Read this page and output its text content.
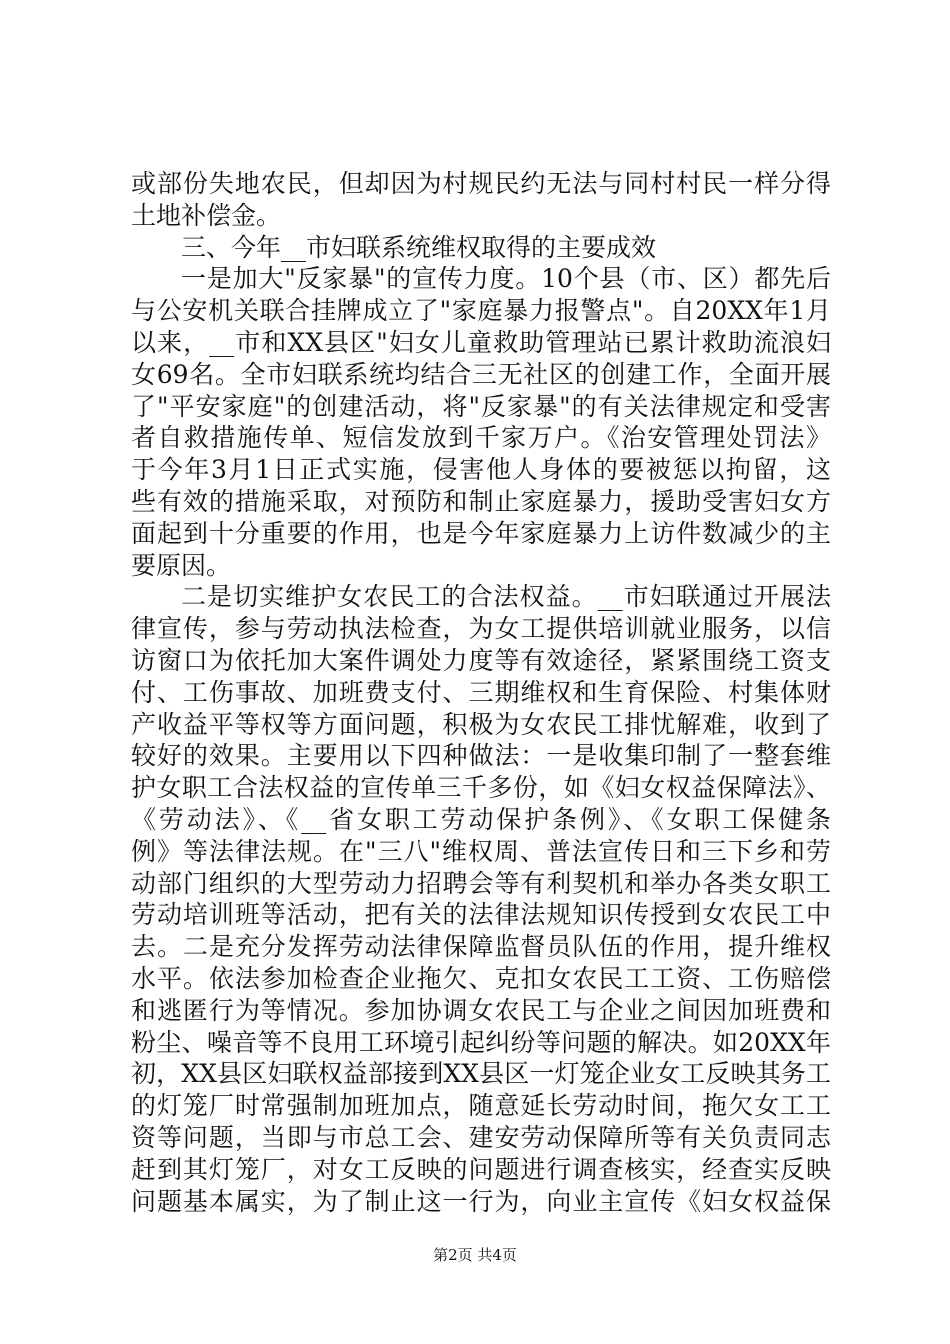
或部份失地农民，但却因为村规民约无法与同村村民一样分得
土地补偿金。
三、今年__市妇联系统维权取得的主要成效
一是加大"反家暴"的宣传力度。10个县（市、区）都先后
与公安机关联合挂牌成立了"家庭暴力报警点"。自20XX年1月
以来，__市和XX县区"妇女儿童救助管理站已累计救助流浪妇
女69名。全市妇联系统均结合三无社区的创建工作，全面开展
了"平安家庭"的创建活动，将"反家暴"的有关法律规定和受害
者自救措施传单、短信发放到千家万户。《治安管理处罚法》
于今年3月1日正式实施，侵害他人身体的要被惩以拘留，这
些有效的措施采取，对预防和制止家庭暴力，援助受害妇女方
面起到十分重要的作用，也是今年家庭暴力上访件数减少的主
要原因。
二是切实维护女农民工的合法权益。__市妇联通过开展法
律宣传，参与劳动执法检查，为女工提供培训就业服务，以信
访窗口为依托加大案件调处力度等有效途径，紧紧围绕工资支
付、工伤事故、加班费支付、三期维权和生育保险、村集体财
产收益平等权等方面问题，积极为女农民工排忧解难，收到了
较好的效果。主要用以下四种做法：一是收集印制了一整套维
护女职工合法权益的宣传单三千多份，如《妇女权益保障法》、
《劳动法》、《__省女职工劳动保护条例》、《女职工保健条
例》等法律法规。在"三八"维权周、普法宣传日和三下乡和劳
动部门组织的大型劳动力招聘会等有利契机和举办各类女职工
劳动培训班等活动，把有关的法律法规知识传授到女农民工中
去。二是充分发挥劳动法律保障监督员队伍的作用，提升维权
水平。依法参加检查企业拖欠、克扣女农民工工资、工伤赔偿
和逃匿行为等情况。参加协调女农民工与企业之间因加班费和
粉尘、噪音等不良用工环境引起纠纷等问题的解决。如20XX年
初，XX县区妇联权益部接到XX县区一灯笼企业女工反映其务工
的灯笼厂时常强制加班加点，随意延长劳动时间，拖欠女工工
资等问题，当即与市总工会、建安劳动保障所等有关负责同志
赶到其灯笼厂，对女工反映的问题进行调查核实，经查实反映
问题基本属实，为了制止这一行为，向业主宣传《妇女权益保
第2页 共4页
